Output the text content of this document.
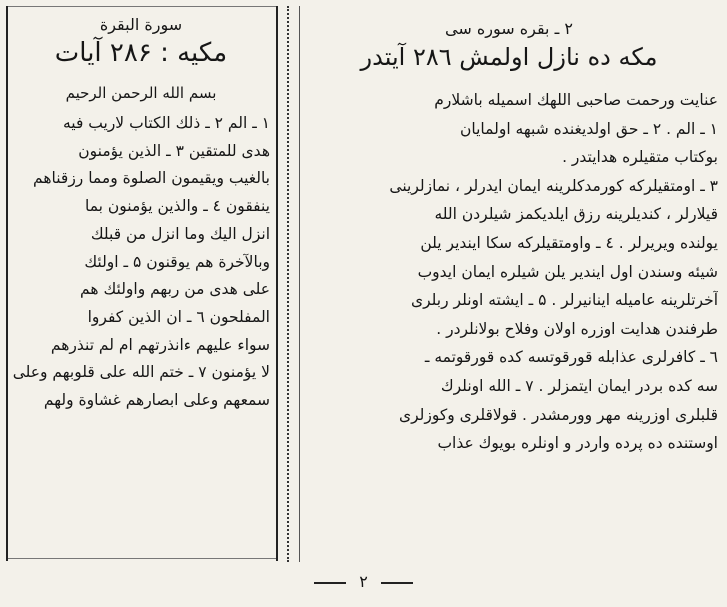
سورة البقرة
مکیه : ۲۸۶ آیات
بسم الله الرحمن الرحيم
۱ ـ الم ۲ ـ ذلك الكتاب لاريب فيه
هدى للمتقين ۳ ـ الذين يؤمنون
بالغيب ويقيمون الصلوة ومما رزقناهم
ينفقون ٤ ـ والذين يؤمنون بما
انزل اليك وما انزل من قبلك
وبالآخرة هم يوقنون ۵ ـ اولئك
على هدى من ربهم واولئك هم
المفلحون ٦ ـ ان الذين كفروا
سواء عليهم ءانذرتهم ام لم تنذرهم
لا يؤمنون ۷ ـ ختم الله على قلوبهم وعلى
سمعهم وعلى ابصارهم غشاوة ولهم
۲ ـ بقره سوره سی
مكه ده نازل اولمش ۲۸٦ آيتدر
عنايت ورحمت صاحبى اللهك اسميله باشلارم
۱ ـ الم . ۲ ـ حق اولديغنده شبهه اولمايان
بوكتاب متقيلره هدايتدر .
۳ ـ اومتقيلركه كورمدكلرينه ايمان ايدرلر ، نمازلرينى
قيلارلر ، كنديلرينه رزق ايلديكمز شيلردن الله
يولنده ويريرلر . ٤ ـ واومتقيلركه سكا ايندير يلن
شيئه وسندن اول ايندير يلن شيلره ايمان ايدوب
آخرتلرينه عاميله اينانيرلر . ۵ ـ ايشته اونلر ربلرى
طرفندن هدايت اوزره اولان وفلاح بولانلردر .
٦ ـ كافرلرى عذابله قورقوتسه كده قورقوتمه ـ
سه كده بردر ايمان ايتمزلر . ۷ ـ الله اونلرك
قلبلرى اوزرينه مهر وورمشدر . قولاقلرى وكوزلرى
اوستنده ده پرده واردر و اونلره بويوك عذاب
۲
